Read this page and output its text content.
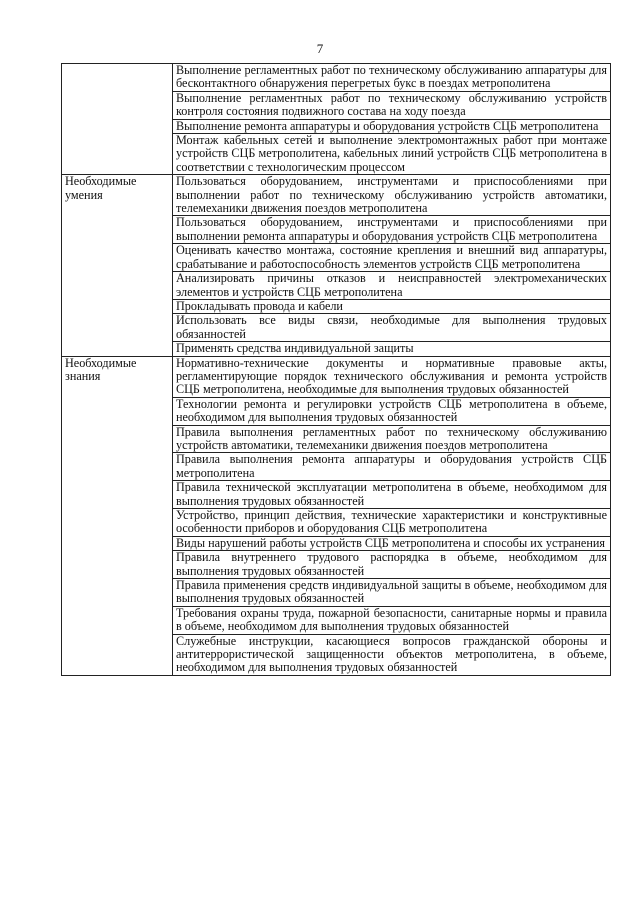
7
	Выполнение регламентных работ по техническому обслуживанию аппаратуры для бесконтактного обнаружения перегретых букс в поездах метрополитена
	Выполнение регламентных работ по техническому обслуживанию устройств контроля состояния подвижного состава на ходу поезда
	Выполнение ремонта аппаратуры и оборудования устройств СЦБ метрополитена
	Монтаж кабельных сетей и выполнение электромонтажных работ при монтаже устройств СЦБ метрополитена, кабельных линий устройств СЦБ метрополитена в соответствии с технологическим процессом
Необходимые умения	Пользоваться оборудованием, инструментами и приспособлениями при выполнении работ по техническому обслуживанию устройств автоматики, телемеханики движения поездов метрополитена
	Пользоваться оборудованием, инструментами и приспособлениями при выполнении ремонта аппаратуры и оборудования устройств СЦБ метрополитена
	Оценивать качество монтажа, состояние крепления и внешний вид аппаратуры, срабатывание и работоспособность элементов устройств СЦБ метрополитена
	Анализировать причины отказов и неисправностей электромеханических элементов и устройств СЦБ метрополитена
	Прокладывать провода и кабели
	Использовать все виды связи, необходимые для выполнения трудовых обязанностей
	Применять средства индивидуальной защиты
Необходимые знания	Нормативно-технические документы и нормативные правовые акты, регламентирующие порядок технического обслуживания и ремонта устройств СЦБ метрополитена, необходимые для выполнения трудовых обязанностей
	Технологии ремонта и регулировки устройств СЦБ метрополитена в объеме, необходимом для выполнения трудовых обязанностей
	Правила выполнения регламентных работ по техническому обслуживанию устройств автоматики, телемеханики движения поездов метрополитена
	Правила выполнения ремонта аппаратуры и оборудования устройств СЦБ метрополитена
	Правила технической эксплуатации метрополитена в объеме, необходимом для выполнения трудовых обязанностей
	Устройство, принцип действия, технические характеристики и конструктивные особенности приборов и оборудования СЦБ метрополитена
	Виды нарушений работы устройств СЦБ метрополитена и способы их устранения
	Правила внутреннего трудового распорядка в объеме, необходимом для выполнения трудовых обязанностей
	Правила применения средств индивидуальной защиты в объеме, необходимом для выполнения трудовых обязанностей
	Требования охраны труда, пожарной безопасности, санитарные нормы и правила в объеме, необходимом для выполнения трудовых обязанностей
	Служебные инструкции, касающиеся вопросов гражданской обороны и антитеррористической защищенности объектов метрополитена, в объеме, необходимом для выполнения трудовых обязанностей
